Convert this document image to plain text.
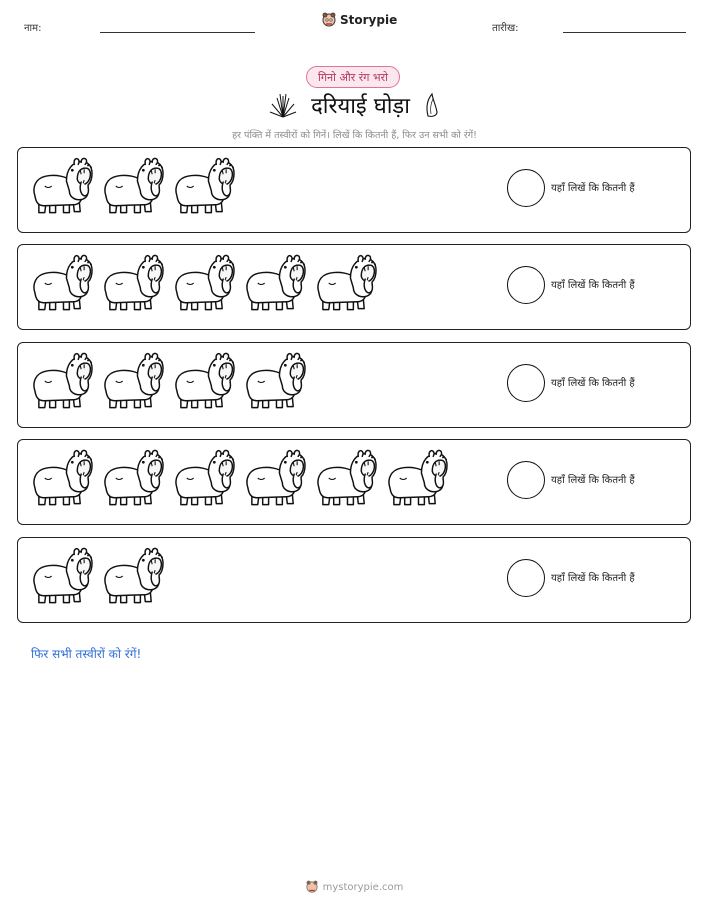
नाम:
Storypie
तारीख:
गिनो और रंग भरो
दरियाई घोड़ा
हर पंक्ति में तस्वीरों को गिनें। लिखें कि कितनी हैं, फिर उन सभी को रंगें!
यहाँ लिखें कि कितनी हैं
यहाँ लिखें कि कितनी हैं
यहाँ लिखें कि कितनी हैं
यहाँ लिखें कि कितनी हैं
यहाँ लिखें कि कितनी हैं
फिर सभी तस्वीरों को रंगें!
mystorypie.com
